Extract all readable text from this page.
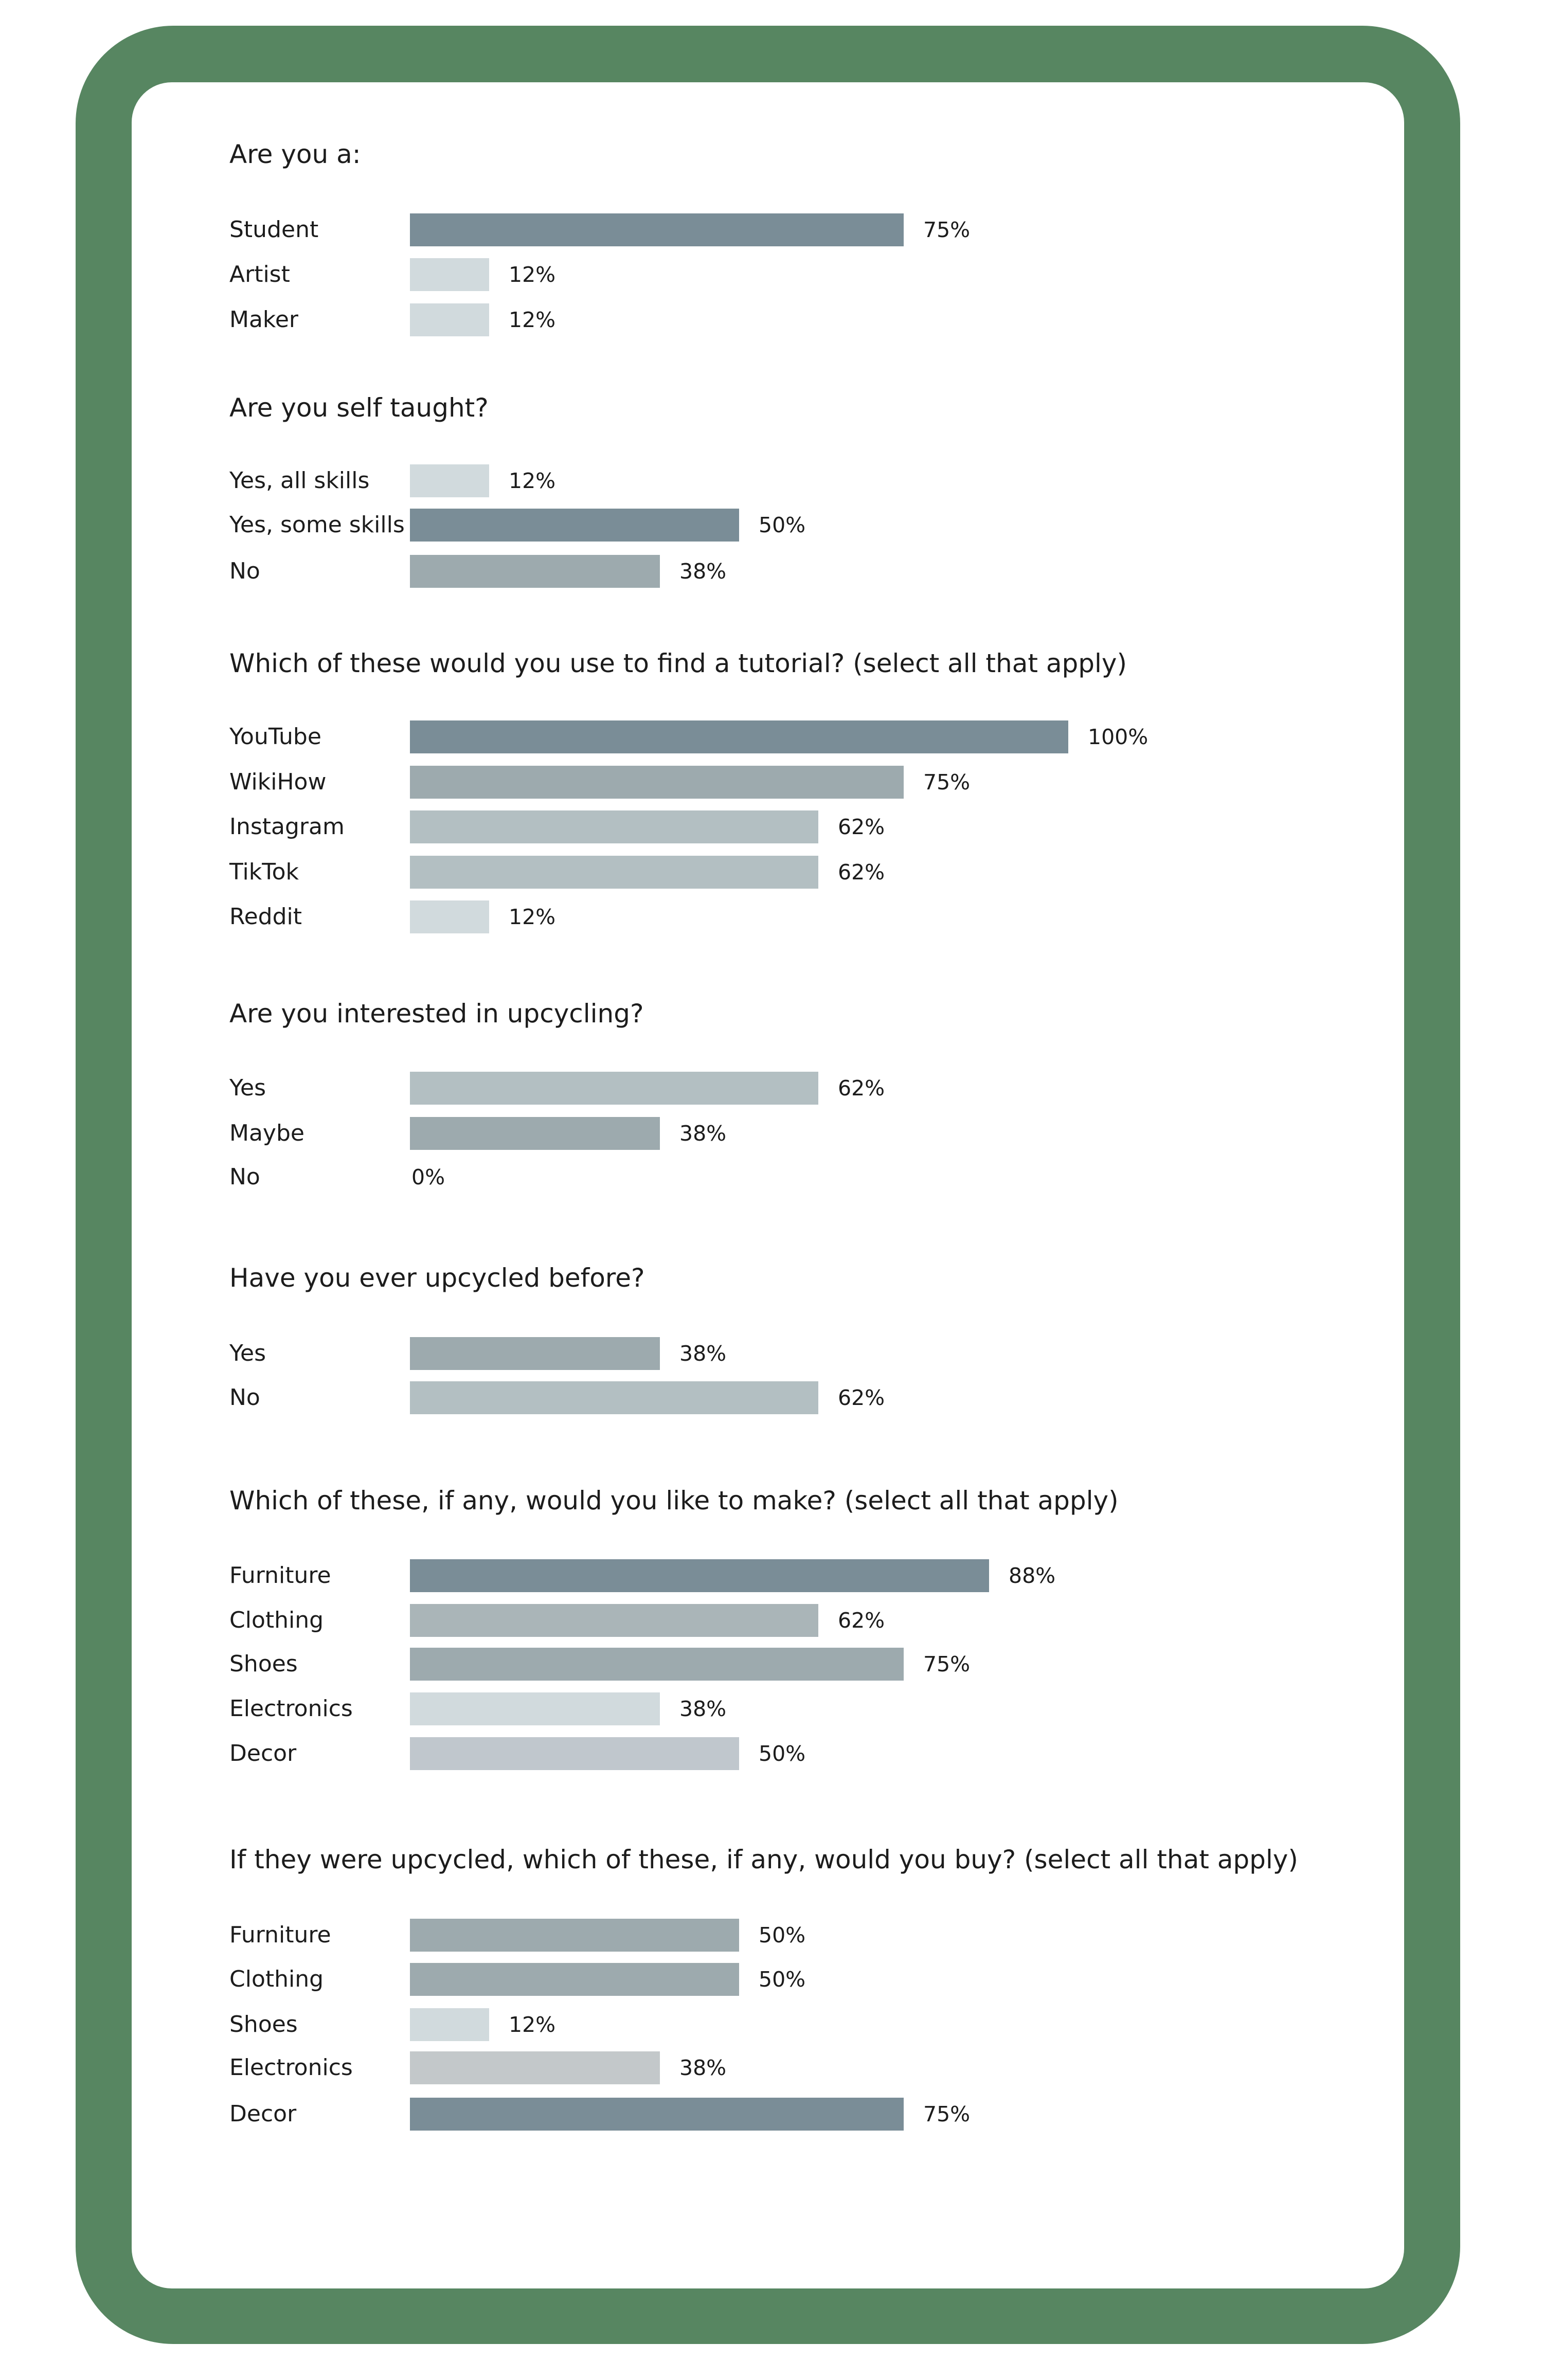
Are you a:
Student	75%
Artist	12%
Maker	12%
Are you self taught?
Yes, all skills	12%
Yes, some skills	50%
No	38%
Which of these would you use to find a tutorial? (select all that apply)
YouTube	100%
WikiHow	75%
Instagram	62%
TikTok	62%
Reddit	12%
Are you interested in upcycling?
Yes	62%
Maybe	38%
No	0%
Have you ever upcycled before?
Yes	38%
No	62%
Which of these, if any, would you like to make? (select all that apply)
Furniture	88%
Clothing	62%
Shoes	75%
Electronics	38%
Decor	50%
If they were upcycled, which of these, if any, would you buy? (select all that apply)
Furniture	50%
Clothing	50%
Shoes	12%
Electronics	38%
Decor	75%
